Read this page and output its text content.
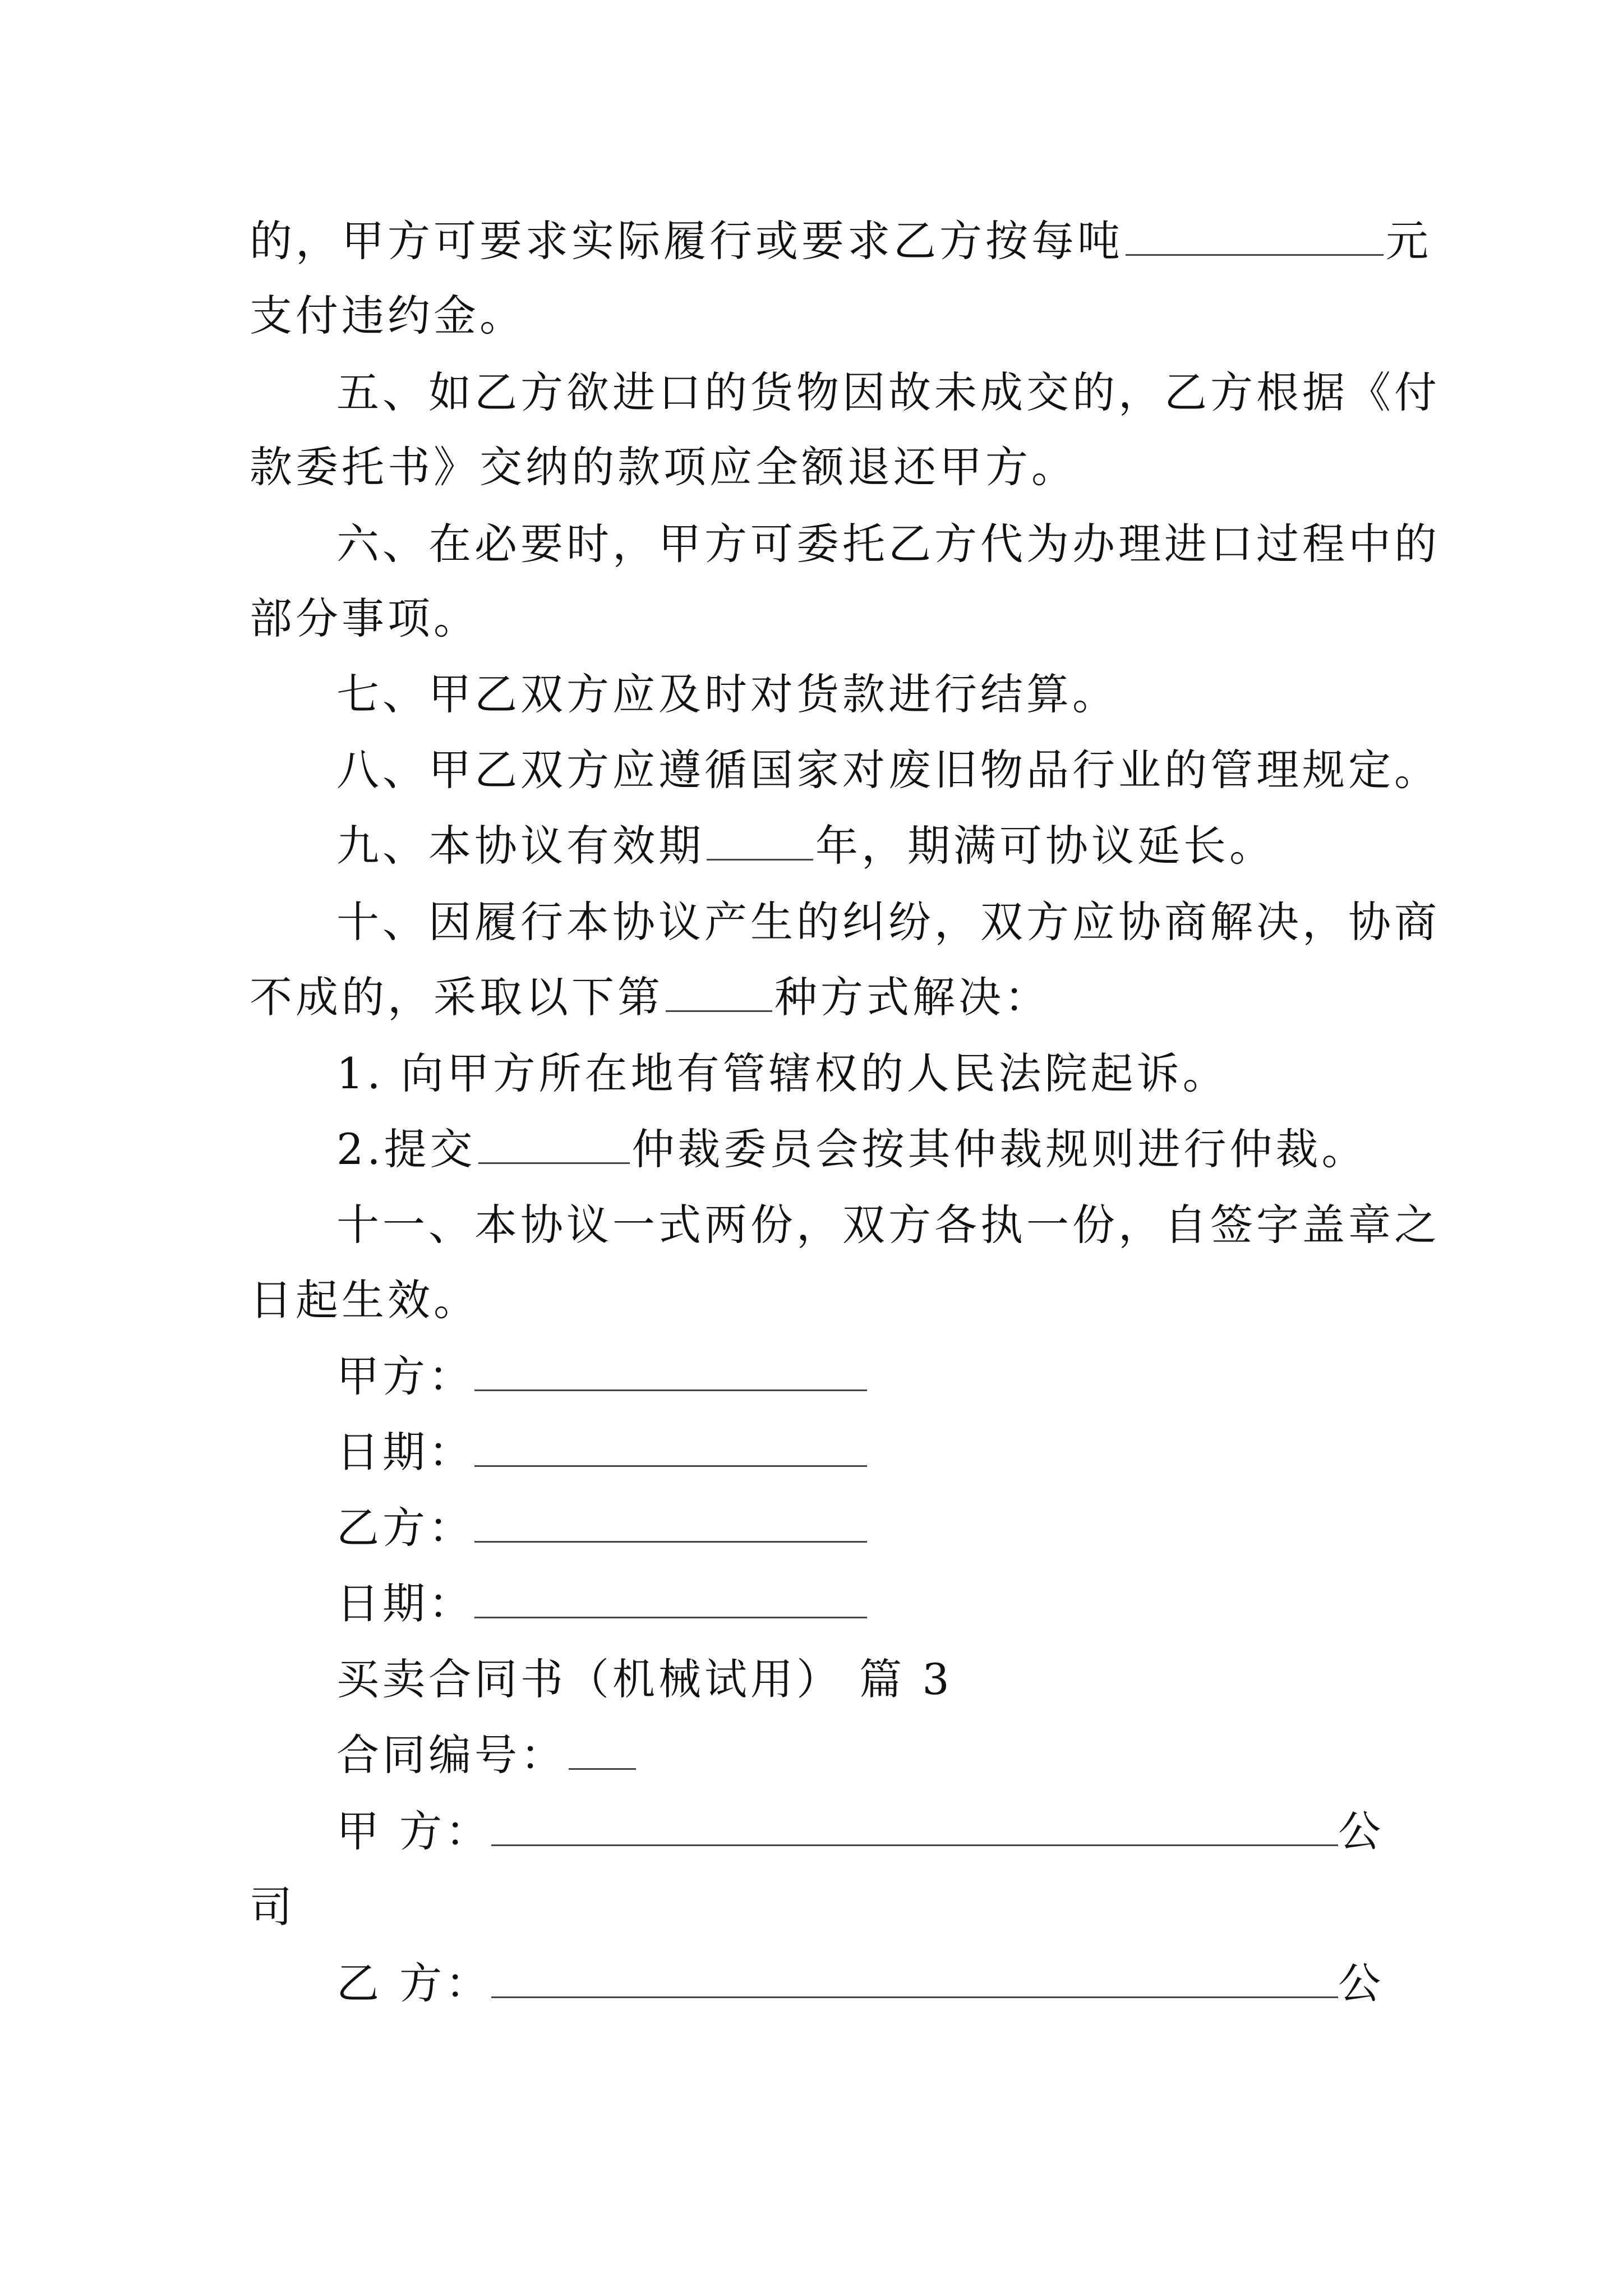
的，甲方可要求实际履行或要求乙方按每吨	元
支付违约金。
五、如乙方欲进口的货物因故未成交的，乙方根据《付
款委托书》交纳的款项应全额退还甲方。
六、在必要时，甲方可委托乙方代为办理进口过程中的
部分事项。
七、甲乙双方应及时对货款进行结算。
八、甲乙双方应遵循国家对废旧物品行业的管理规定。
九、本协议有效期	年，期满可协议延长。
十、因履行本协议产生的纠纷，双方应协商解决，协商
不成的，采取以下第	种方式解决：
1. 向甲方所在地有管辖权的人民法院起诉。
2.提交	仲裁委员会按其仲裁规则进行仲裁。
十一、本协议一式两份，双方各执一份，自签字盖章之
日起生效。
甲方：
日期：
乙方：
日期：
买卖合同书（机械试用） 篇 3
合同编号：
甲 方：	公
司
乙 方：	公
